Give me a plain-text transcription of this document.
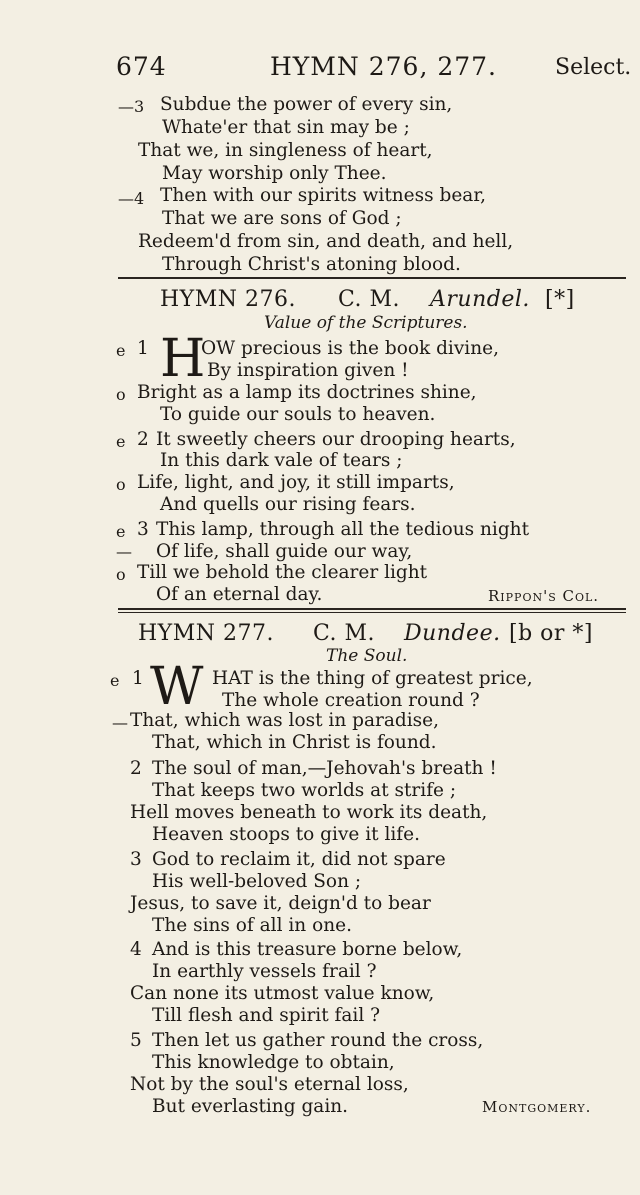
674	HYMN 276, 277.	Select.
—3 Subdue the power of every sin,
Whate'er that sin may be ;
That we, in singleness of heart,
May worship only Thee.
—4 Then with our spirits witness bear,
That we are sons of God ;
Redeem'd from sin, and death, and hell,
Through Christ's atoning blood.
HYMN 276. C. M. Arundel. [*]
Value of the Scriptures.
e 1 H
OW precious is the book divine,
By inspiration given !
o Bright as a lamp its doctrines shine,
To guide our souls to heaven.
e 2 It sweetly cheers our drooping hearts,
In this dark vale of tears ;
o Life, light, and joy, it still imparts,
And quells our rising fears.
e 3 This lamp, through all the tedious night
— Of life, shall guide our way,
o Till we behold the clearer light
Of an eternal day.	Rippon's Col.
HYMN 277. C. M. Dundee. [b or *]
The Soul.
e 1 W HAT is the thing of greatest price,
The whole creation round ?
— That, which was lost in paradise,
That, which in Christ is found.
2 The soul of man,—Jehovah's breath !
That keeps two worlds at strife ;
Hell moves beneath to work its death,
Heaven stoops to give it life.
3 God to reclaim it, did not spare
His well-beloved Son ;
Jesus, to save it, deign'd to bear
The sins of all in one.
4 And is this treasure borne below,
In earthly vessels frail ?
Can none its utmost value know,
Till flesh and spirit fail ?
5 Then let us gather round the cross,
This knowledge to obtain,
Not by the soul's eternal loss,
But everlasting gain.	Montgomery.
